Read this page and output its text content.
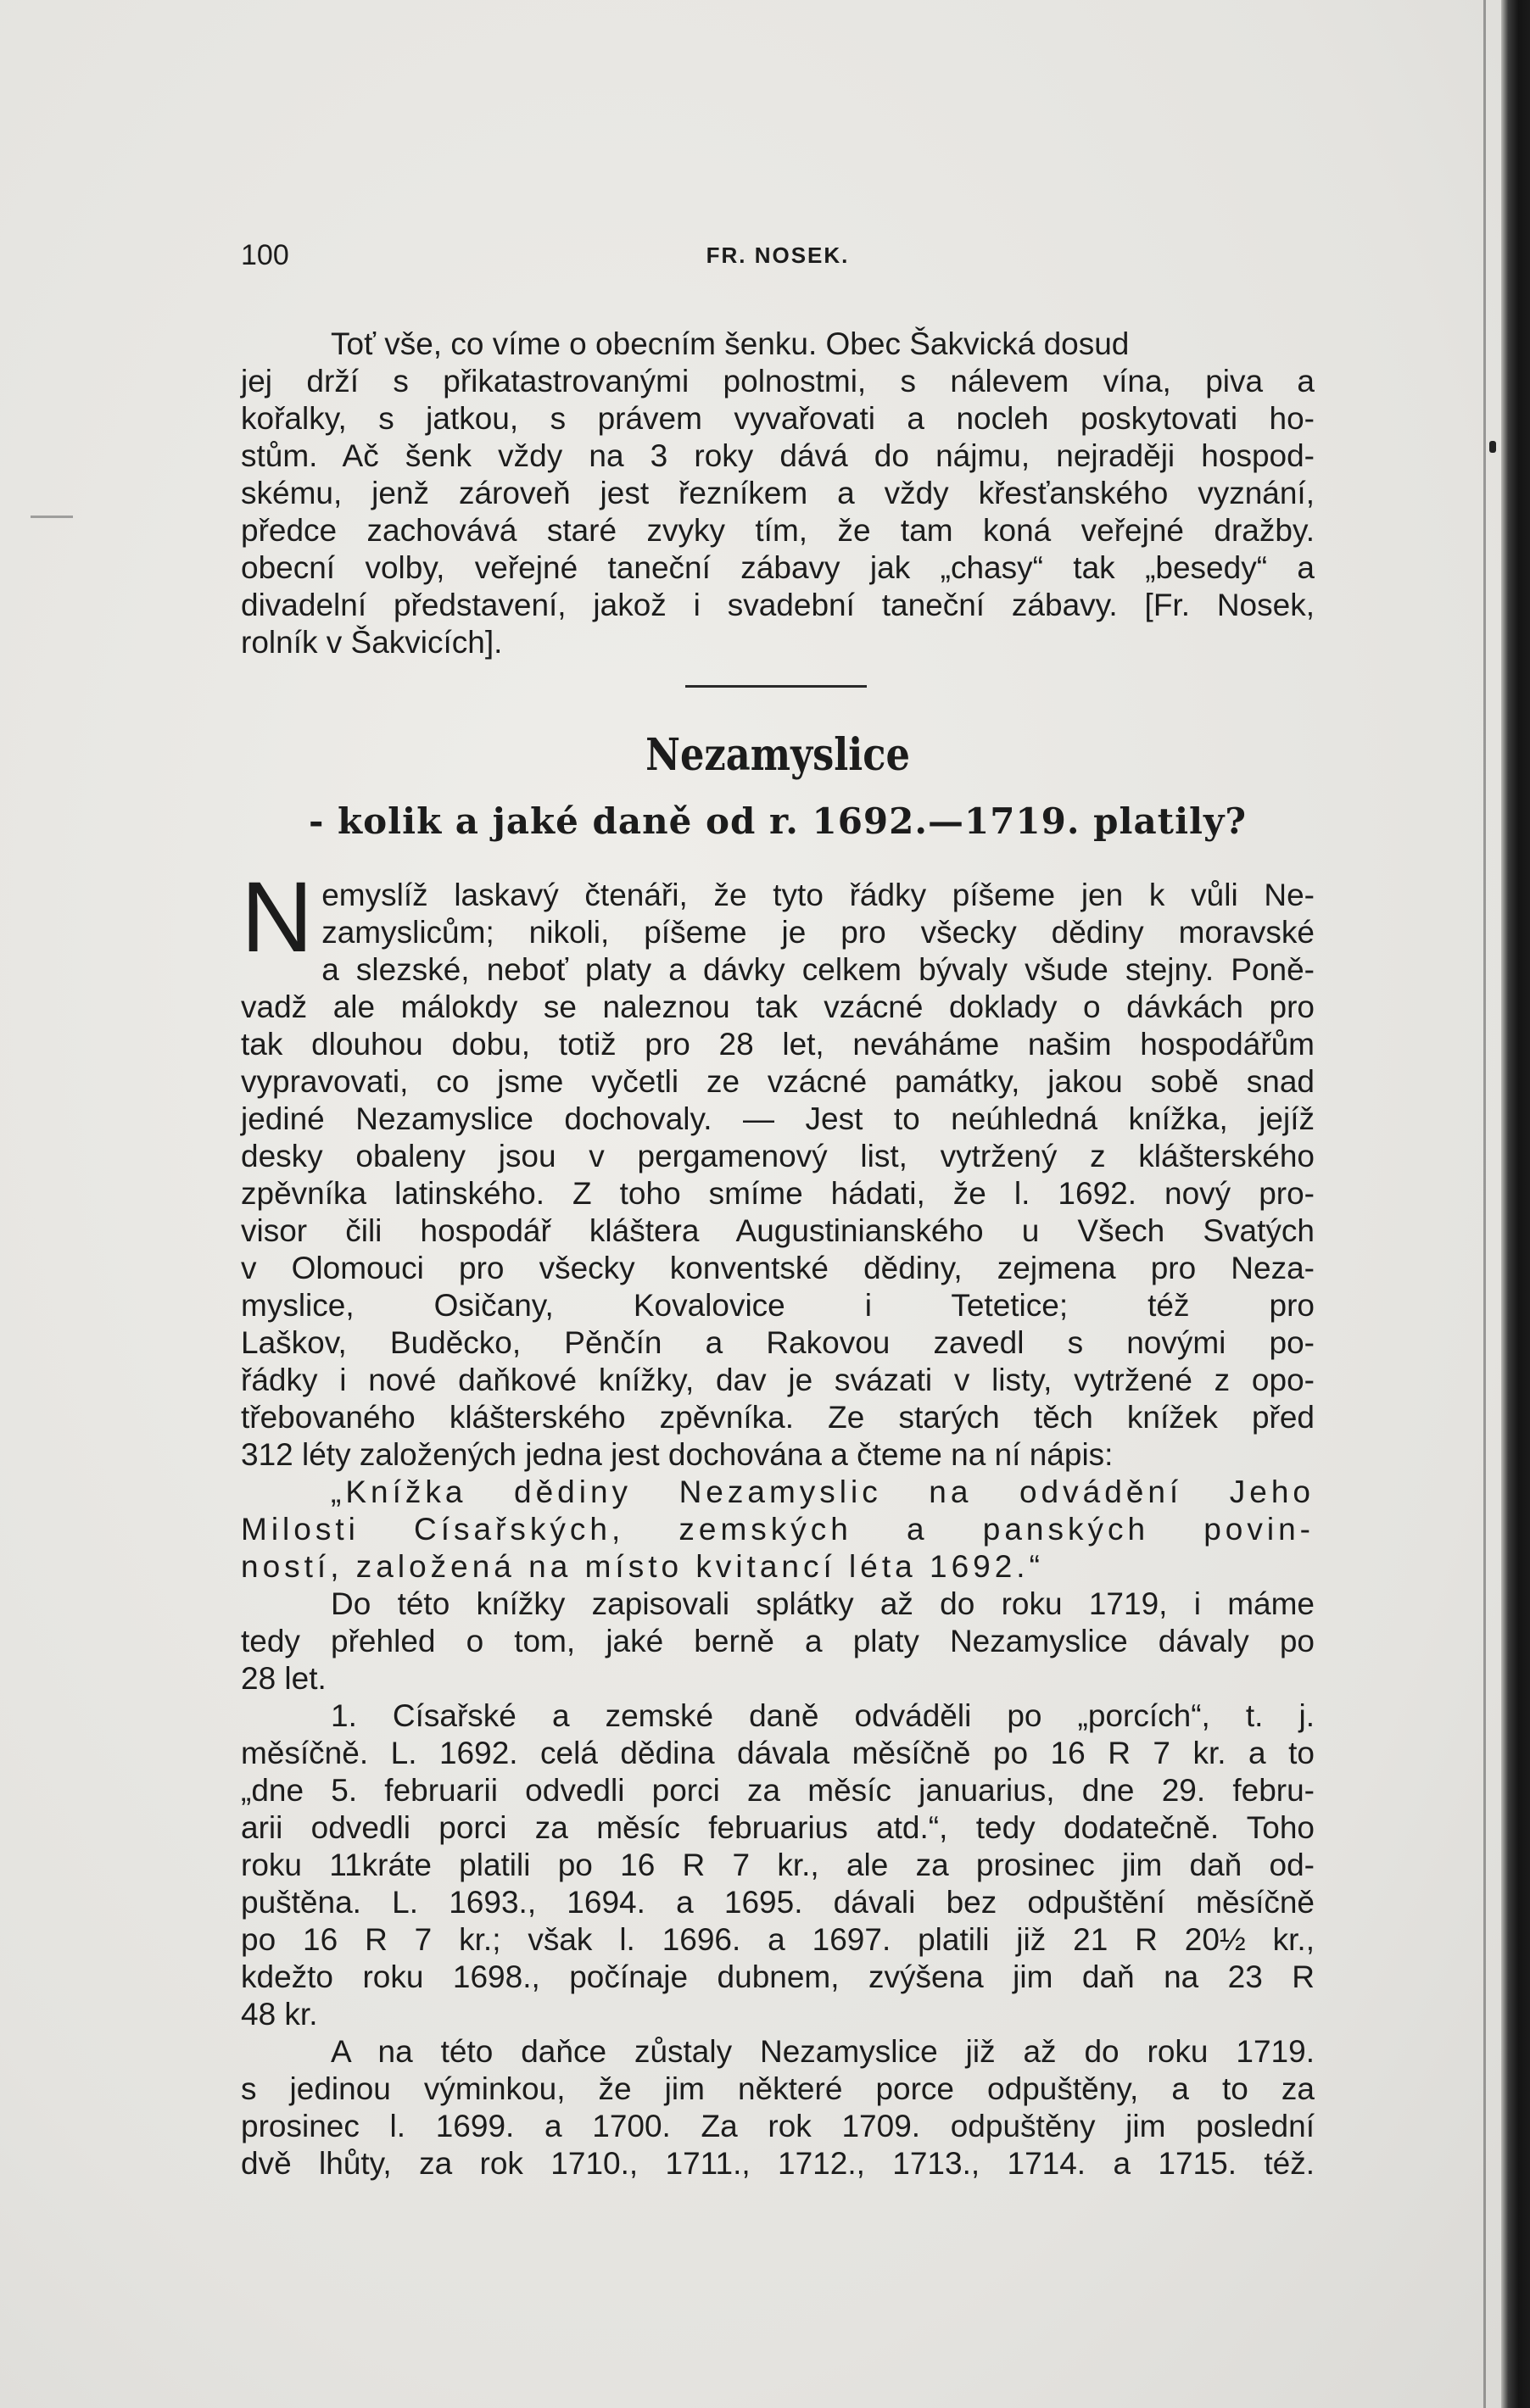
100	FR. NOSEK.

Toť vše, co víme o obecním šenku. Obec Šakvická dosud

jej drží s přikatastrovanými polnostmi, s nálevem vína, piva a

kořalky, s jatkou, s právem vyvařovati a nocleh poskytovati ho-

stům. Ač šenk vždy na 3 roky dává do nájmu, nejraději hospod-

skému, jenž zároveň jest řezníkem a vždy křesťanského vyznání,

předce zachovává staré zvyky tím, že tam koná veřejné dražby.

obecní volby, veřejné taneční zábavy jak „chasy“ tak „besedy“ a

divadelní představení, jakož i svadební taneční zábavy. [Fr. Nosek,

rolník v Šakvicích].

Nezamyslice
- kolik a jaké daně od r. 1692.—1719. platily?
N emyslíž laskavý čtenáři, že tyto řádky píšeme jen k vůli Ne-

zamyslicům; nikoli, píšeme je pro všecky dědiny moravské

a slezské, neboť platy a dávky celkem bývaly všude stejny. Poně-

vadž ale málokdy se naleznou tak vzácné doklady o dávkách pro

tak dlouhou dobu, totiž pro 28 let, neváháme našim hospodářům

vypravovati, co jsme vyčetli ze vzácné památky, jakou sobě snad

jediné Nezamyslice dochovaly. — Jest to neúhledná knížka, jejíž

desky obaleny jsou v pergamenový list, vytržený z klášterského

zpěvníka latinského. Z toho smíme hádati, že l. 1692. nový pro-

visor čili hospodář kláštera Augustinianského u Všech Svatých

v Olomouci pro všecky konventské dědiny, zejmena pro Neza-

myslice, Osičany, Kovalovice i Tetetice; též pro

Laškov, Buděcko, Pěnčín a Rakovou zavedl s novými po-

řádky i nové daňkové knížky, dav je svázati v listy, vytržené z opo-

třebovaného klášterského zpěvníka. Ze starých těch knížek před

312 léty založených jedna jest dochována a čteme na ní nápis:

„Knížka dědiny Nezamyslic na odvádění Jeho

Milosti Císařských, zemských a panských povin-

ností, založená na místo kvitancí léta 1692.“

Do této knížky zapisovali splátky až do roku 1719, i máme

tedy přehled o tom, jaké berně a platy Nezamyslice dávaly po

28 let.

1. Císařské a zemské daně odváděli po „porcích“, t. j.

měsíčně. L. 1692. celá dědina dávala měsíčně po 16 R 7 kr. a to

„dne 5. februarii odvedli porci za měsíc januarius, dne 29. febru-

arii odvedli porci za měsíc februarius atd.“, tedy dodatečně. Toho

roku 11kráte platili po 16 R 7 kr., ale za prosinec jim daň od-

puštěna. L. 1693., 1694. a 1695. dávali bez odpuštění měsíčně

po 16 R 7 kr.; však l. 1696. a 1697. platili již 21 R 20½ kr.,

kdežto roku 1698., počínaje dubnem, zvýšena jim daň na 23 R

48 kr.

A na této daňce zůstaly Nezamyslice již až do roku 1719.

s jedinou výminkou, že jim některé porce odpuštěny, a to za

prosinec l. 1699. a 1700. Za rok 1709. odpuštěny jim poslední

dvě lhůty, za rok 1710., 1711., 1712., 1713., 1714. a 1715. též.
